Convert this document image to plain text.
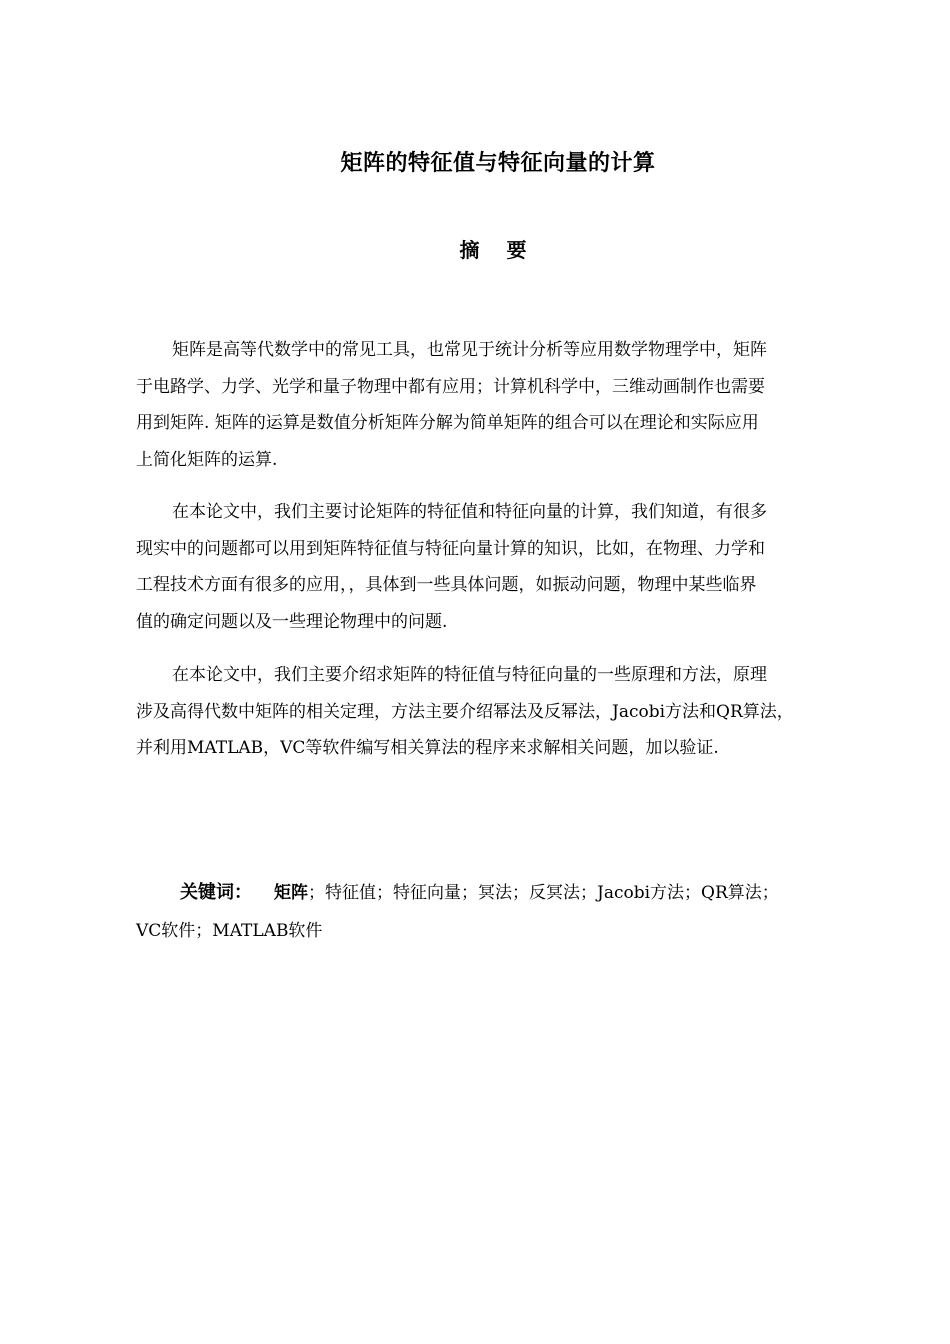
矩阵的特征值与特征向量的计算
摘 要
矩阵是高等代数学中的常见工具，也常见于统计分析等应用数学物理学中，矩阵
于电路学、力学、光学和量子物理中都有应用；计算机科学中，三维动画制作也需要
用到矩阵. 矩阵的运算是数值分析矩阵分解为简单矩阵的组合可以在理论和实际应用
上简化矩阵的运算.
在本论文中，我们主要讨论矩阵的特征值和特征向量的计算，我们知道，有很多
现实中的问题都可以用到矩阵特征值与特征向量计算的知识，比如，在物理、力学和
工程技术方面有很多的应用，，具体到一些具体问题，如振动问题，物理中某些临界
值的确定问题以及一些理论物理中的问题.
在本论文中，我们主要介绍求矩阵的特征值与特征向量的一些原理和方法，原理
涉及高得代数中矩阵的相关定理，方法主要介绍幂法及反幂法，Jacobi方法和QR算法，
并利用MATLAB，VC等软件编写相关算法的程序来求解相关问题，加以验证.
关键词： 矩阵；特征值；特征向量；冥法；反冥法；Jacobi方法；QR算法；
VC软件；MATLAB软件
